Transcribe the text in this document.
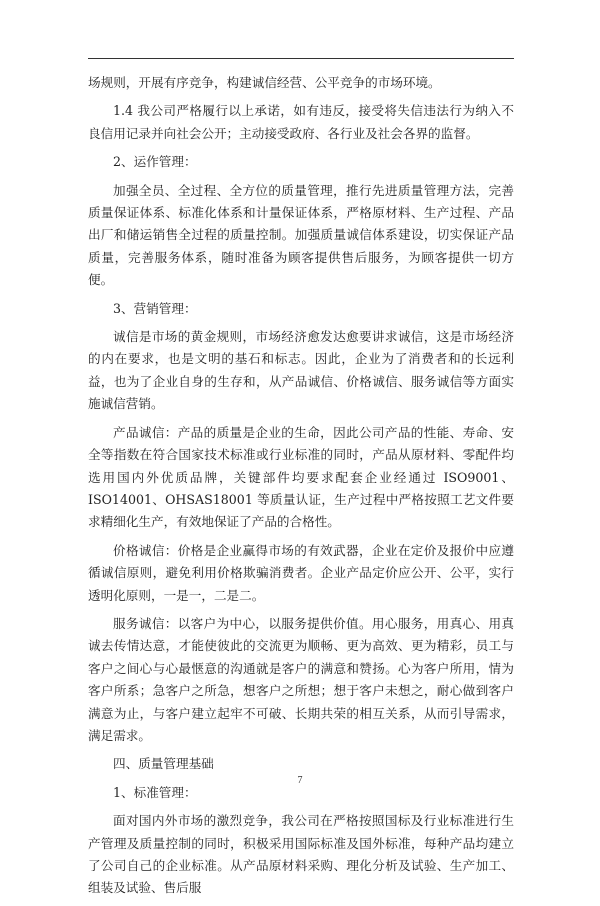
场规则，开展有序竞争，构建诚信经营、公平竞争的市场环境。

1.4 我公司严格履行以上承诺，如有违反，接受将失信违法行为纳入不良信用记录并向社会公开；主动接受政府、各行业及社会各界的监督。

2、运作管理：

加强全员、全过程、全方位的质量管理，推行先进质量管理方法，完善质量保证体系、标准化体系和计量保证体系，严格原材料、生产过程、产品出厂和储运销售全过程的质量控制。加强质量诚信体系建设，切实保证产品质量，完善服务体系，随时准备为顾客提供售后服务，为顾客提供一切方便。

3、营销管理：

诚信是市场的黄金规则，市场经济愈发达愈要讲求诚信，这是市场经济的内在要求，也是文明的基石和标志。因此，企业为了消费者和的长远利益，也为了企业自身的生存和，从产品诚信、价格诚信、服务诚信等方面实施诚信营销。

产品诚信：产品的质量是企业的生命，因此公司产品的性能、寿命、安全等指数在符合国家技术标准或行业标准的同时，产品从原材料、零配件均选用国内外优质品牌，关键部件均要求配套企业经通过 ISO9001、ISO14001、OHSAS18001 等质量认证，生产过程中严格按照工艺文件要求精细化生产，有效地保证了产品的合格性。

价格诚信：价格是企业赢得市场的有效武器，企业在定价及报价中应遵循诚信原则，避免利用价格欺骗消费者。企业产品定价应公开、公平，实行透明化原则，一是一，二是二。

服务诚信：以客户为中心，以服务提供价值。用心服务，用真心、用真诚去传情达意，才能使彼此的交流更为顺畅、更为高效、更为精彩，员工与客户之间心与心最惬意的沟通就是客户的满意和赞扬。心为客户所用，情为客户所系；急客户之所急，想客户之所想；想于客户未想之，耐心做到客户满意为止，与客户建立起牢不可破、长期共荣的相互关系，从而引导需求，满足需求。

四、质量管理基础

1、标准管理：

面对国内外市场的激烈竞争，我公司在严格按照国标及行业标准进行生产管理及质量控制的同时，积极采用国际标准及国外标准，每种产品均建立了公司自己的企业标准。从产品原材料采购、理化分析及试验、生产加工、组装及试验、售后服

7
